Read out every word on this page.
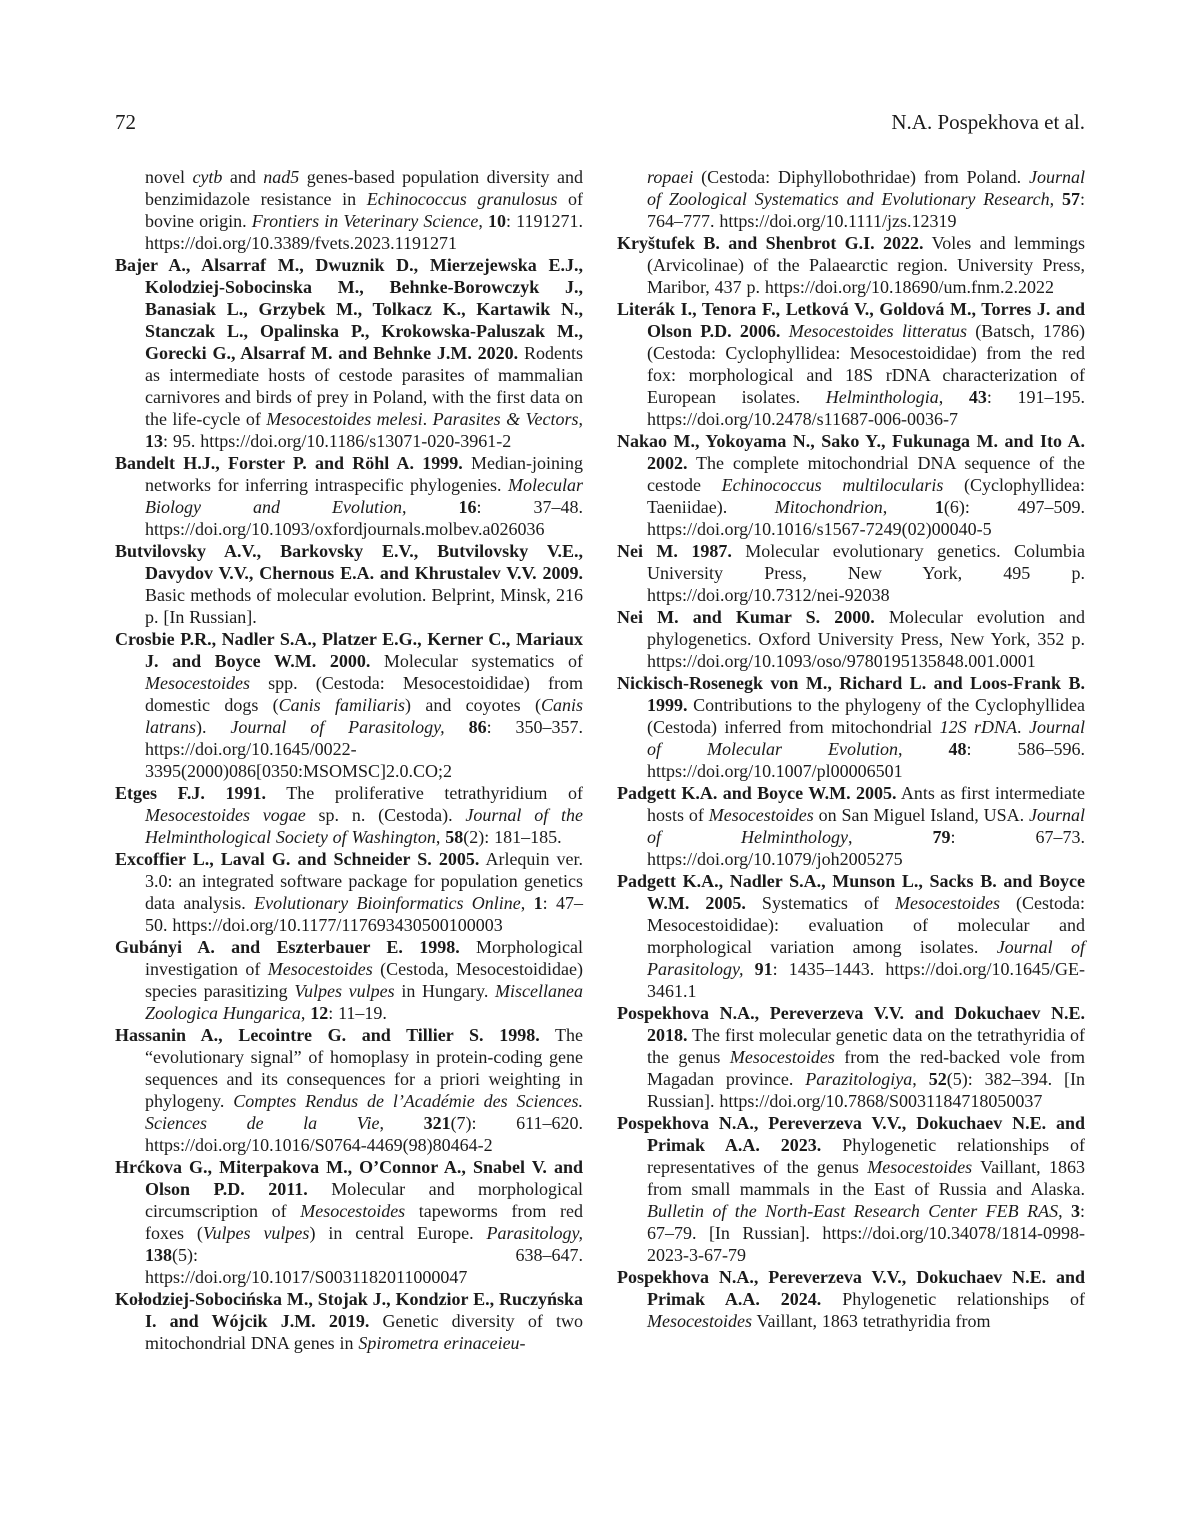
72	N.A. Pospekhova et al.

novel cytb and nad5 genes-based population diversity and benzimidazole resistance in Echinococcus granulosus of bovine origin. Frontiers in Veterinary Science, 10: 1191271. https://doi.org/10.3389/fvets.2023.1191271

Bajer A., Alsarraf M., Dwuznik D., Mierzejewska E.J., Kolodziej-Sobocinska M., Behnke-Borowczyk J., Banasiak L., Grzybek M., Tolkacz K., Kartawik N., Stanczak L., Opalinska P., Krokowska-Paluszak M., Gorecki G., Alsarraf M. and Behnke J.M. 2020. Rodents as intermediate hosts of cestode parasites of mammalian carnivores and birds of prey in Poland, with the first data on the life-cycle of Mesocestoides melesi. Parasites & Vectors, 13: 95. https://doi.org/10.1186/s13071-020-3961-2

Bandelt H.J., Forster P. and Röhl A. 1999. Median-joining networks for inferring intraspecific phylogenies. Molecular Biology and Evolution, 16: 37–48. https://doi.org/10.1093/oxfordjournals.molbev.a026036

Butvilovsky A.V., Barkovsky E.V., Butvilovsky V.E., Davydov V.V., Chernous E.A. and Khrustalev V.V. 2009. Basic methods of molecular evolution. Belprint, Minsk, 216 p. [In Russian].

Crosbie P.R., Nadler S.A., Platzer E.G., Kerner C., Mariaux J. and Boyce W.M. 2000. Molecular systematics of Mesocestoides spp. (Cestoda: Mesocestoididae) from domestic dogs (Canis familiaris) and coyotes (Canis latrans). Journal of Parasitology, 86: 350–357. https://doi.org/10.1645/0022-3395(2000)086[0350:MSOMSC]2.0.CO;2

Etges F.J. 1991. The proliferative tetrathyridium of Mesocestoides vogae sp. n. (Cestoda). Journal of the Helminthological Society of Washington, 58(2): 181–185.

Excoffier L., Laval G. and Schneider S. 2005. Arlequin ver. 3.0: an integrated software package for population genetics data analysis. Evolutionary Bioinformatics Online, 1: 47–50. https://doi.org/10.1177/117693430500100003

Gubányi A. and Eszterbauer E. 1998. Morphological investigation of Mesocestoides (Cestoda, Mesocestoididae) species parasitizing Vulpes vulpes in Hungary. Miscellanea Zoologica Hungarica, 12: 11–19.

Hassanin A., Lecointre G. and Tillier S. 1998. The “evolutionary signal” of homoplasy in protein-coding gene sequences and its consequences for a priori weighting in phylogeny. Comptes Rendus de l’Académie des Sciences. Sciences de la Vie, 321(7): 611–620. https://doi.org/10.1016/S0764-4469(98)80464-2

Hrćkova G., Miterpakova M., O’Connor A., Snabel V. and Olson P.D. 2011. Molecular and morphological circumscription of Mesocestoides tapeworms from red foxes (Vulpes vulpes) in central Europe. Parasitology, 138(5): 638–647. https://doi.org/10.1017/S0031182011000047

Kołodziej-Sobocińska M., Stojak J., Kondzior E., Ruczyńska I. and Wójcik J.M. 2019. Genetic diversity of two mitochondrial DNA genes in Spirometra erinaceieu-

ropaei (Cestoda: Diphyllobothridae) from Poland. Journal of Zoological Systematics and Evolutionary Research, 57: 764–777. https://doi.org/10.1111/jzs.12319

Kryštufek B. and Shenbrot G.I. 2022. Voles and lemmings (Arvicolinae) of the Palaearctic region. University Press, Maribor, 437 p. https://doi.org/10.18690/um.fnm.2.2022

Literák I., Tenora F., Letková V., Goldová M., Torres J. and Olson P.D. 2006. Mesocestoides litteratus (Batsch, 1786) (Cestoda: Cyclophyllidea: Mesocestoididae) from the red fox: morphological and 18S rDNA characterization of European isolates. Helminthologia, 43: 191–195. https://doi.org/10.2478/s11687-006-0036-7

Nakao M., Yokoyama N., Sako Y., Fukunaga M. and Ito A. 2002. The complete mitochondrial DNA sequence of the cestode Echinococcus multilocularis (Cyclophyllidea: Taeniidae). Mitochondrion, 1(6): 497–509. https://doi.org/10.1016/s1567-7249(02)00040-5

Nei M. 1987. Molecular evolutionary genetics. Columbia University Press, New York, 495 p. https://doi.org/10.7312/nei-92038

Nei M. and Kumar S. 2000. Molecular evolution and phylogenetics. Oxford University Press, New York, 352 p. https://doi.org/10.1093/oso/9780195135848.001.0001

Nickisch-Rosenegk von M., Richard L. and Loos-Frank B. 1999. Contributions to the phylogeny of the Cyclophyllidea (Cestoda) inferred from mitochondrial 12S rDNA. Journal of Molecular Evolution, 48: 586–596. https://doi.org/10.1007/pl00006501

Padgett K.A. and Boyce W.M. 2005. Ants as first intermediate hosts of Mesocestoides on San Miguel Island, USA. Journal of Helminthology, 79: 67–73. https://doi.org/10.1079/joh2005275

Padgett K.A., Nadler S.A., Munson L., Sacks B. and Boyce W.M. 2005. Systematics of Mesocestoides (Cestoda: Mesocestoididae): evaluation of molecular and morphological variation among isolates. Journal of Parasitology, 91: 1435–1443. https://doi.org/10.1645/GE-3461.1

Pospekhova N.A., Pereverzeva V.V. and Dokuchaev N.E. 2018. The first molecular genetic data on the tetrathyridia of the genus Mesocestoides from the red-backed vole from Magadan province. Parazitologiya, 52(5): 382–394. [In Russian]. https://doi.org/10.7868/S0031184718050037

Pospekhova N.A., Pereverzeva V.V., Dokuchaev N.E. and Primak A.A. 2023. Phylogenetic relationships of representatives of the genus Mesocestoides Vaillant, 1863 from small mammals in the East of Russia and Alaska. Bulletin of the North-East Research Center FEB RAS, 3: 67–79. [In Russian]. https://doi.org/10.34078/1814-0998-2023-3-67-79

Pospekhova N.A., Pereverzeva V.V., Dokuchaev N.E. and Primak A.A. 2024. Phylogenetic relationships of Mesocestoides Vaillant, 1863 tetrathyridia from
